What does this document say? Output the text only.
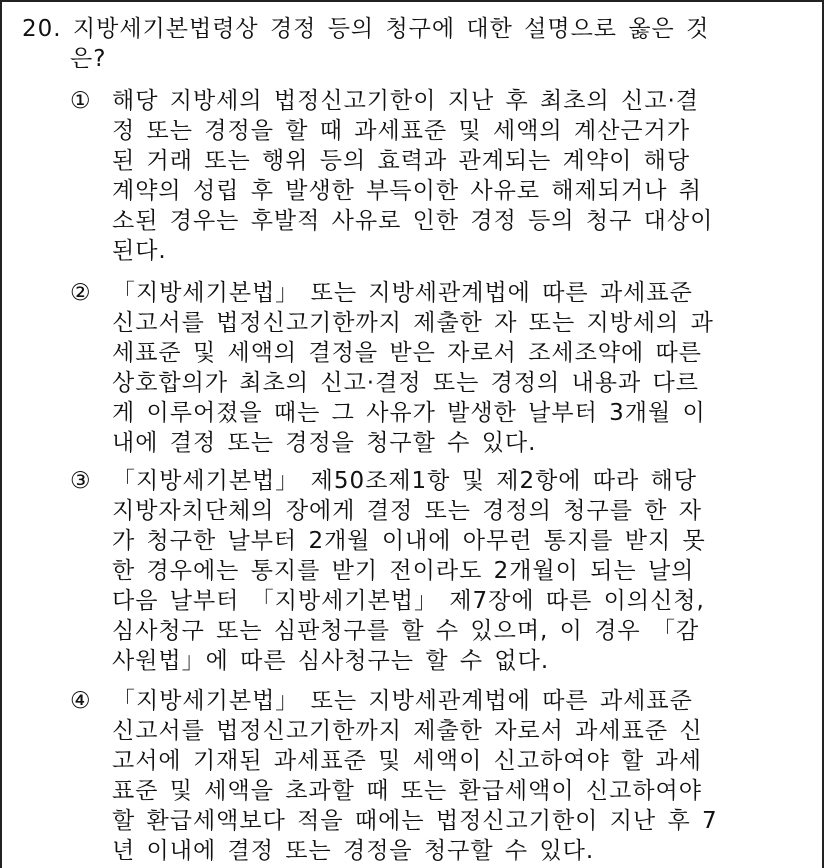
20. 지방세기본법령상 경정 등의 청구에 대한 설명으로 옳은 것
은?
① 해당 지방세의 법정신고기한이 지난 후 최초의 신고·결
정 또는 경정을 할 때 과세표준 및 세액의 계산근거가
된 거래 또는 행위 등의 효력과 관계되는 계약이 해당
계약의 성립 후 발생한 부득이한 사유로 해제되거나 취
소된 경우는 후발적 사유로 인한 경정 등의 청구 대상이
된다.
② 「지방세기본법」 또는 지방세관계법에 따른 과세표준
신고서를 법정신고기한까지 제출한 자 또는 지방세의 과
세표준 및 세액의 결정을 받은 자로서 조세조약에 따른
상호합의가 최초의 신고·결정 또는 경정의 내용과 다르
게 이루어졌을 때는 그 사유가 발생한 날부터 3개월 이
내에 결정 또는 경정을 청구할 수 있다.
③ 「지방세기본법」 제50조제1항 및 제2항에 따라 해당
지방자치단체의 장에게 결정 또는 경정의 청구를 한 자
가 청구한 날부터 2개월 이내에 아무런 통지를 받지 못
한 경우에는 통지를 받기 전이라도 2개월이 되는 날의
다음 날부터 「지방세기본법」 제7장에 따른 이의신청,
심사청구 또는 심판청구를 할 수 있으며, 이 경우 「감
사원법」에 따른 심사청구는 할 수 없다.
④ 「지방세기본법」 또는 지방세관계법에 따른 과세표준
신고서를 법정신고기한까지 제출한 자로서 과세표준 신
고서에 기재된 과세표준 및 세액이 신고하여야 할 과세
표준 및 세액을 초과할 때 또는 환급세액이 신고하여야
할 환급세액보다 적을 때에는 법정신고기한이 지난 후 7
년 이내에 결정 또는 경정을 청구할 수 있다.
